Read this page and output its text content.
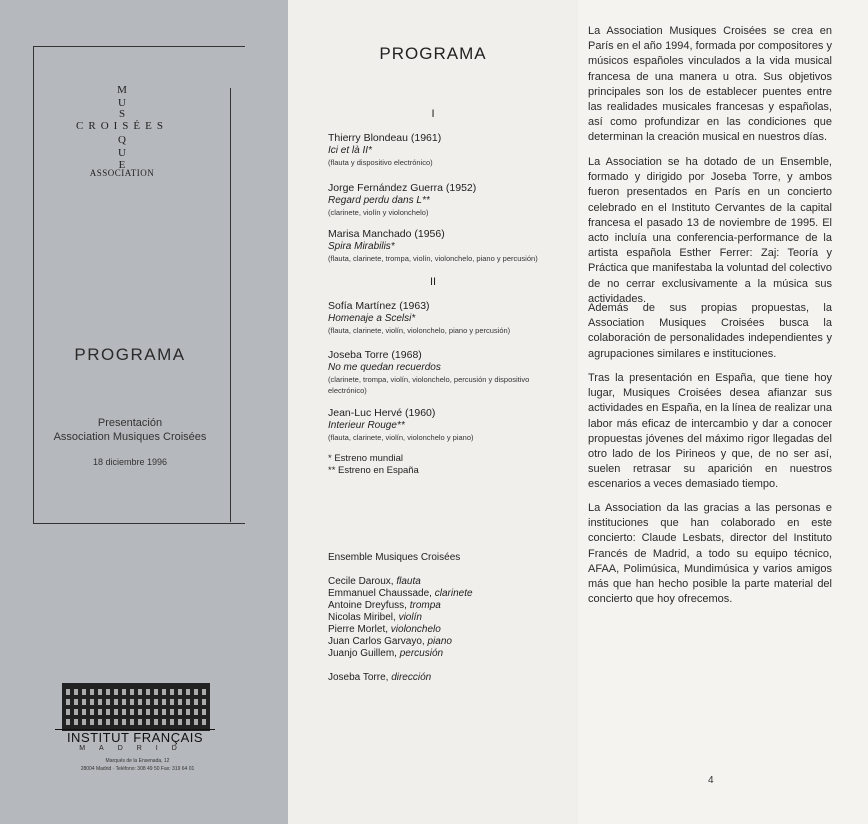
M
U
Q
U
E
CROISÉES
S
ASSOCIATION
PROGRAMA
Presentación
Association Musiques Croisées
18 diciembre 1996
INSTITUT FRANÇAIS
MADRID
Marqués de la Ensenada, 12
28004 Madrid · Teléfono: 308 49 50 Fax: 319 64 01
PROGRAMA
I
Thierry Blondeau (1961)
Ici et là II*
(flauta y dispositivo electrónico)
Jorge Fernández Guerra (1952)
Regard perdu dans L**
(clarinete, violín y violonchelo)
Marisa Manchado (1956)
Spira Mirabilis*
(flauta, clarinete, trompa, violín, violonchelo, piano y percusión)
II
Sofía Martínez (1963)
Homenaje a Scelsi*
(flauta, clarinete, violín, violonchelo, piano y percusión)
Joseba Torre (1968)
No me quedan recuerdos
(clarinete, trompa, violín, violonchelo, percusión y dispositivo electrónico)
Jean-Luc Hervé (1960)
Interieur Rouge**
(flauta, clarinete, violín, violonchelo y piano)
* Estreno mundial
** Estreno en España
Ensemble Musiques Croisées
Cecile Daroux, flauta
Emmanuel Chaussade, clarinete
Antoine Dreyfuss, trompa
Nicolas Miribel, violín
Pierre Morlet, violonchelo
Juan Carlos Garvayo, piano
Juanjo Guillem, percusión
Joseba Torre, dirección
La Association Musiques Croisées se crea en París en el año 1994, formada por compositores y músicos españoles vinculados a la vida musical francesa de una manera u otra. Sus objetivos principales son los de establecer puentes entre las realidades musicales francesas y españolas, así como profundizar en las condiciones que determinan la creación musical en nuestros días.
La Association se ha dotado de un Ensemble, formado y dirigido por Joseba Torre, y ambos fueron presentados en París en un concierto celebrado en el Instituto Cervantes de la capital francesa el pasado 13 de noviembre de 1995. El acto incluía una conferencia-performance de la artista española Esther Ferrer: Zaj: Teoría y Práctica que manifestaba la voluntad del colectivo de no cerrar exclusivamente a la música sus actividades.
Además de sus propias propuestas, la Association Musiques Croisées busca la colaboración de personalidades independientes y agrupaciones similares e instituciones.
Tras la presentación en España, que tiene hoy lugar, Musiques Croisées desea afianzar sus actividades en España, en la línea de realizar una labor más eficaz de intercambio y dar a conocer propuestas jóvenes del máximo rigor llegadas del otro lado de los Pirineos y que, de no ser así, suelen retrasar su aparición en nuestros escenarios a veces demasiado tiempo.
La Association da las gracias a las personas e instituciones que han colaborado en este concierto: Claude Lesbats, director del Instituto Francés de Madrid, a todo su equipo técnico, AFAA, Polimúsica, Mundimúsica y varios amigos más que han hecho posible la parte material del concierto que hoy ofrecemos.
4
